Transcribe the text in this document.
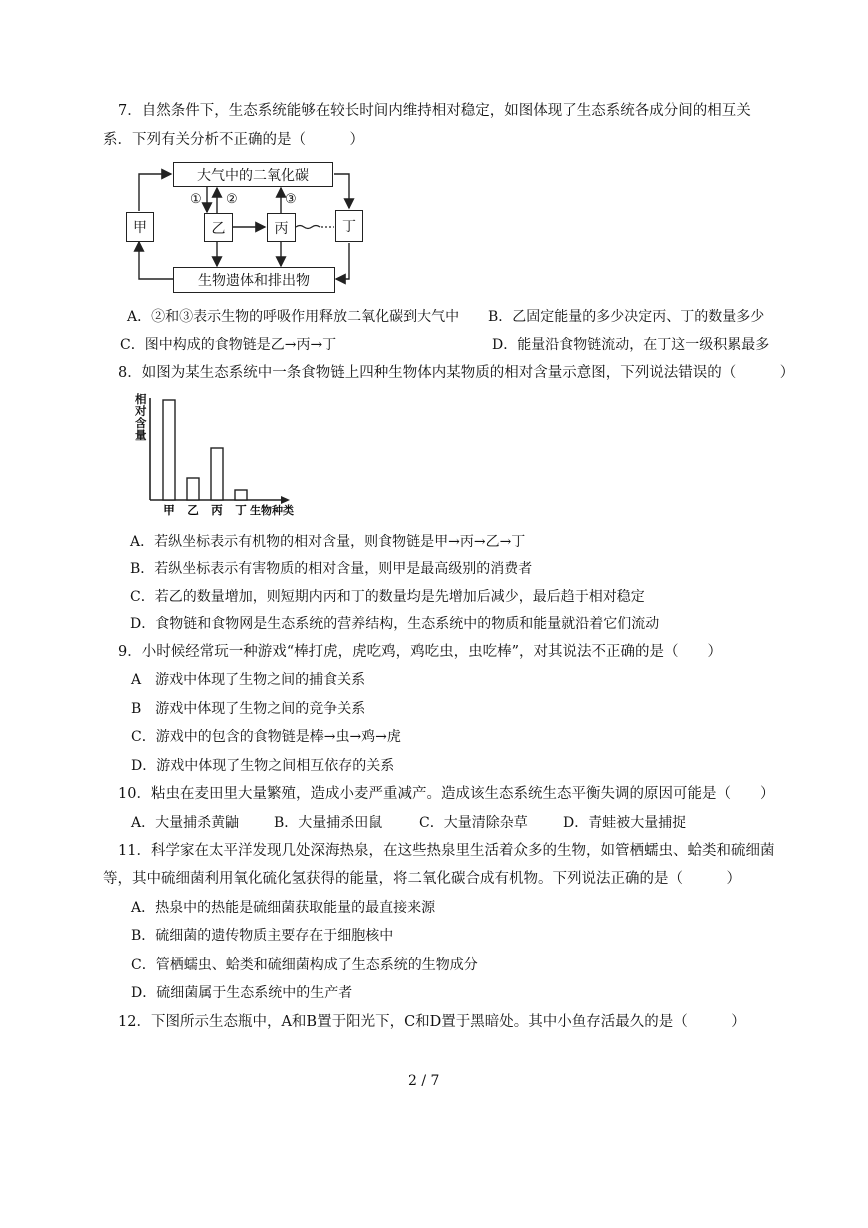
7．自然条件下，生态系统能够在较长时间内维持相对稳定，如图体现了生态系统各成分间的相互关
系．下列有关分析不正确的是（　　　）
大气中的二氧化碳
甲	乙	丙	丁
生物遗体和排出物
① ②	③
A．②和③表示生物的呼吸作用释放二氧化碳到大气中 B．乙固定能量的多少决定丙、丁的数量多少
C．图中构成的食物链是乙→丙→丁	D．能量沿食物链流动，在丁这一级积累最多
8．如图为某生态系统中一条食物链上四种生物体内某物质的相对含量示意图，下列说法错误的（　　　）
甲 乙 丙 丁
相对含量
生物种类
A．若纵坐标表示有机物的相对含量，则食物链是甲→丙→乙→丁
B．若纵坐标表示有害物质的相对含量，则甲是最高级别的消费者
C．若乙的数量增加，则短期内丙和丁的数量均是先增加后减少，最后趋于相对稳定
D．食物链和食物网是生态系统的营养结构，生态系统中的物质和能量就沿着它们流动
9．小时候经常玩一种游戏“棒打虎，虎吃鸡，鸡吃虫，虫吃棒”，对其说法不正确的是（　　）
A　游戏中体现了生物之间的捕食关系
B　游戏中体现了生物之间的竞争关系
C．游戏中的包含的食物链是棒→虫→鸡→虎
D．游戏中体现了生物之间相互依存的关系
10．粘虫在麦田里大量繁殖，造成小麦严重减产。造成该生态系统生态平衡失调的原因可能是（　　）
A．大量捕杀黄鼬 B．大量捕杀田鼠	C．大量清除杂草	D．青蛙被大量捕捉
11．科学家在太平洋发现几处深海热泉，在这些热泉里生活着众多的生物，如管栖蠕虫、蛤类和硫细菌
等，其中硫细菌利用氧化硫化氢获得的能量，将二氧化碳合成有机物。下列说法正确的是（　　　）
A．热泉中的热能是硫细菌获取能量的最直接来源
B．硫细菌的遗传物质主要存在于细胞核中
C．管栖蠕虫、蛤类和硫细菌构成了生态系统的生物成分
D．硫细菌属于生态系统中的生产者
12．下图所示生态瓶中，A和B置于阳光下，C和D置于黑暗处。其中小鱼存活最久的是（　　　）
2 / 7
